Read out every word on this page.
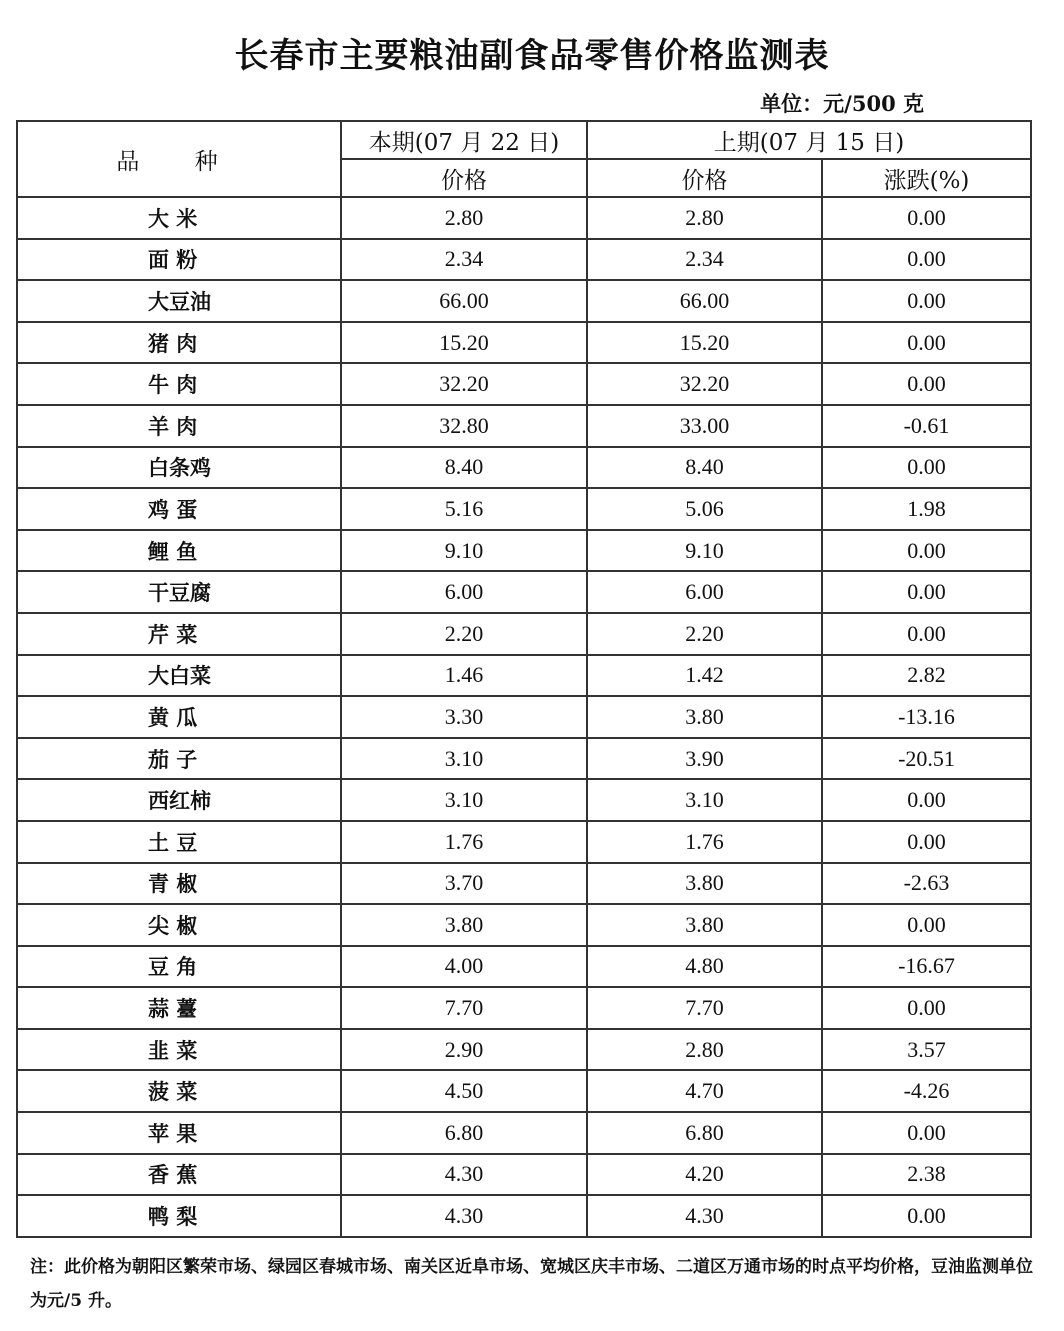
长春市主要粮油副食品零售价格监测表
单位：元/500 克
品 种	本期(07 月 22 日)	上期(07 月 15 日)	
	价格	价格	涨跌(%)
大 米	2.80	2.80	0.00
面 粉	2.34	2.34	0.00
大豆油	66.00	66.00	0.00
猪 肉	15.20	15.20	0.00
牛 肉	32.20	32.20	0.00
羊 肉	32.80	33.00	-0.61
白条鸡	8.40	8.40	0.00
鸡 蛋	5.16	5.06	1.98
鲤 鱼	9.10	9.10	0.00
干豆腐	6.00	6.00	0.00
芹 菜	2.20	2.20	0.00
大白菜	1.46	1.42	2.82
黄 瓜	3.30	3.80	-13.16
茄 子	3.10	3.90	-20.51
西红柿	3.10	3.10	0.00
土 豆	1.76	1.76	0.00
青 椒	3.70	3.80	-2.63
尖 椒	3.80	3.80	0.00
豆 角	4.00	4.80	-16.67
蒜 薹	7.70	7.70	0.00
韭 菜	2.90	2.80	3.57
菠 菜	4.50	4.70	-4.26
苹 果	6.80	6.80	0.00
香 蕉	4.30	4.20	2.38
鸭 梨	4.30	4.30	0.00
注：此价格为朝阳区繁荣市场、绿园区春城市场、南关区近阜市场、宽城区庆丰市场、二道区万通市场的时点平均价格，豆油监测单位为元/5 升。
